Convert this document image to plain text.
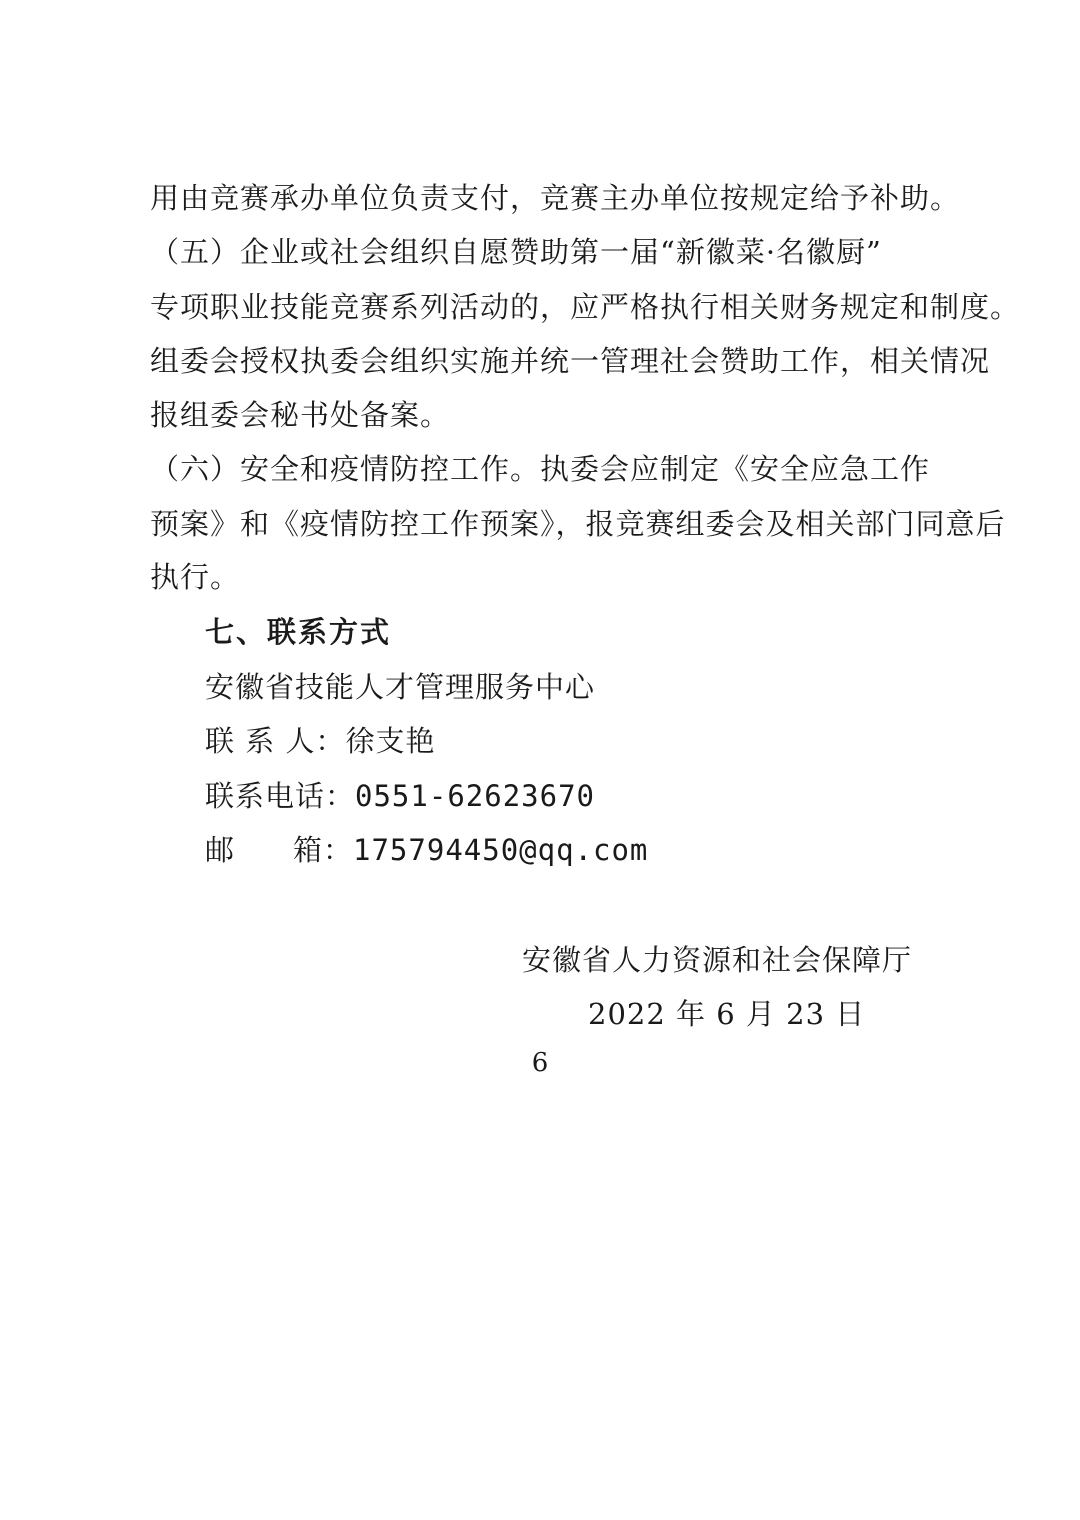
用由竞赛承办单位负责支付，竞赛主办单位按规定给予补助。
（五）企业或社会组织自愿赞助第一届“新徽菜·名徽厨”
专项职业技能竞赛系列活动的，应严格执行相关财务规定和制度。
组委会授权执委会组织实施并统一管理社会赞助工作，相关情况
报组委会秘书处备案。
（六）安全和疫情防控工作。执委会应制定《安全应急工作
预案》和《疫情防控工作预案》，报竞赛组委会及相关部门同意后
执行。
七、联系方式
安徽省技能人才管理服务中心
联 系 人：徐支艳
联系电话：0551-62623670
邮 箱：175794450@qq.com
安徽省人力资源和社会保障厅
2022 年 6 月 23 日
6
